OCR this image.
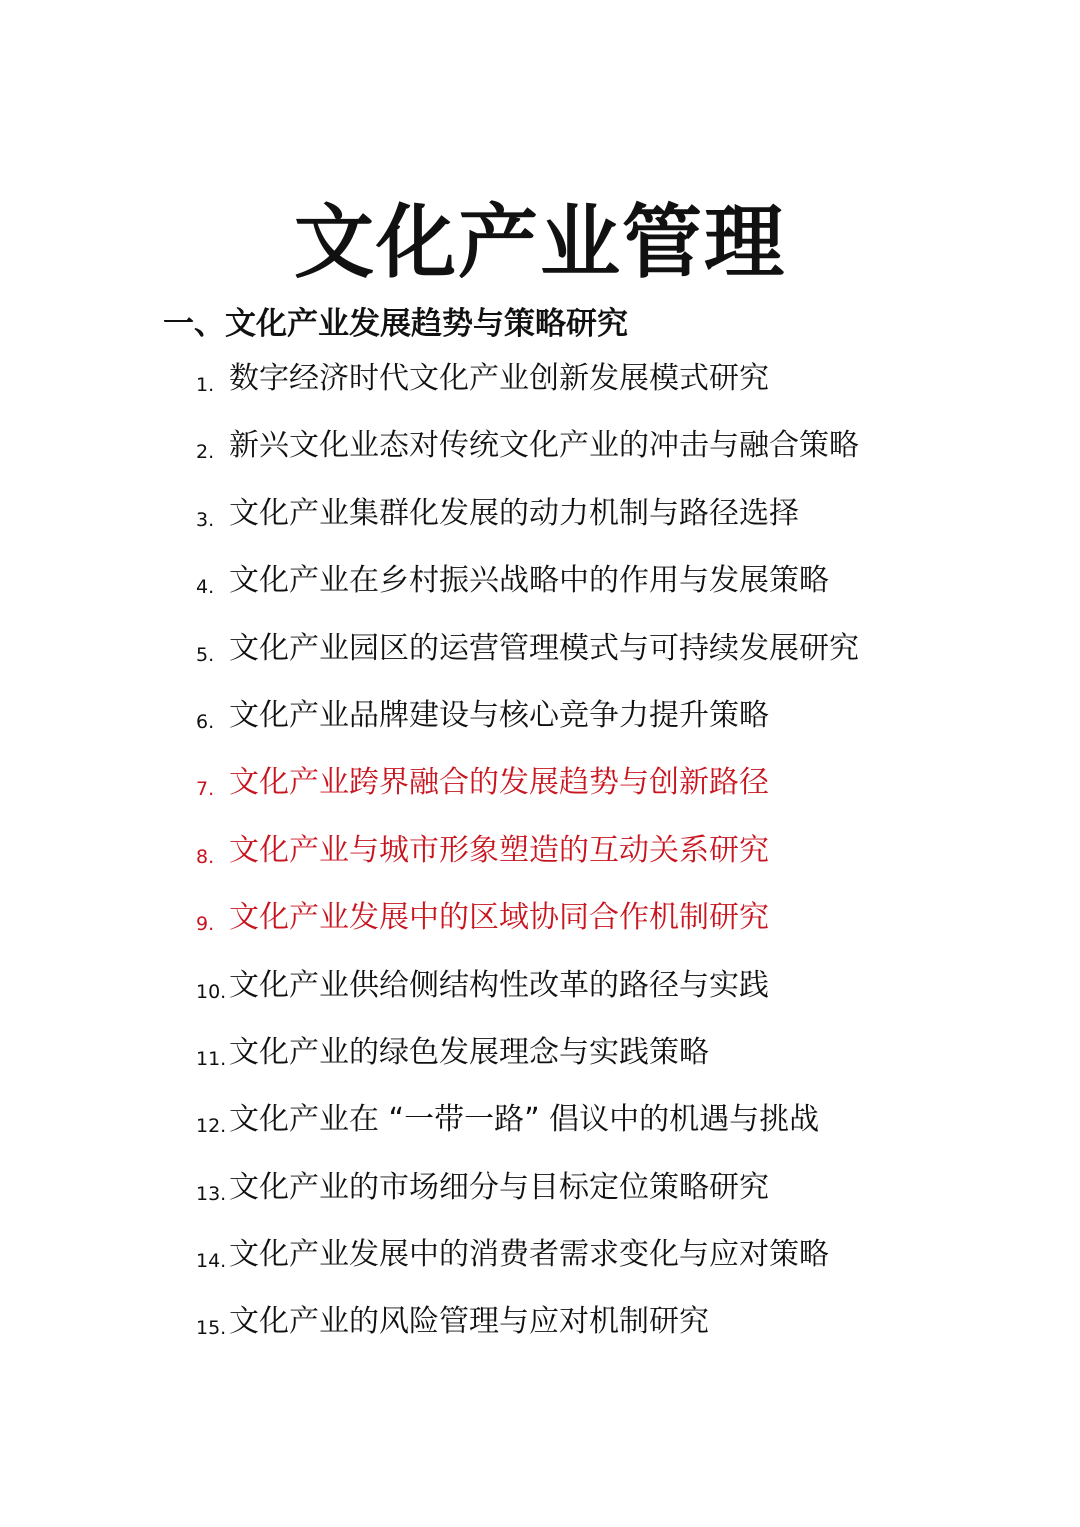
文化产业管理
一、文化产业发展趋势与策略研究
1. 数字经济时代文化产业创新发展模式研究
2. 新兴文化业态对传统文化产业的冲击与融合策略
3. 文化产业集群化发展的动力机制与路径选择
4. 文化产业在乡村振兴战略中的作用与发展策略
5. 文化产业园区的运营管理模式与可持续发展研究
6. 文化产业品牌建设与核心竞争力提升策略
7. 文化产业跨界融合的发展趋势与创新路径
8. 文化产业与城市形象塑造的互动关系研究
9. 文化产业发展中的区域协同合作机制研究
10. 文化产业供给侧结构性改革的路径与实践
11. 文化产业的绿色发展理念与实践策略
12. 文化产业在 “一带一路” 倡议中的机遇与挑战
13. 文化产业的市场细分与目标定位策略研究
14. 文化产业发展中的消费者需求变化与应对策略
15. 文化产业的风险管理与应对机制研究
